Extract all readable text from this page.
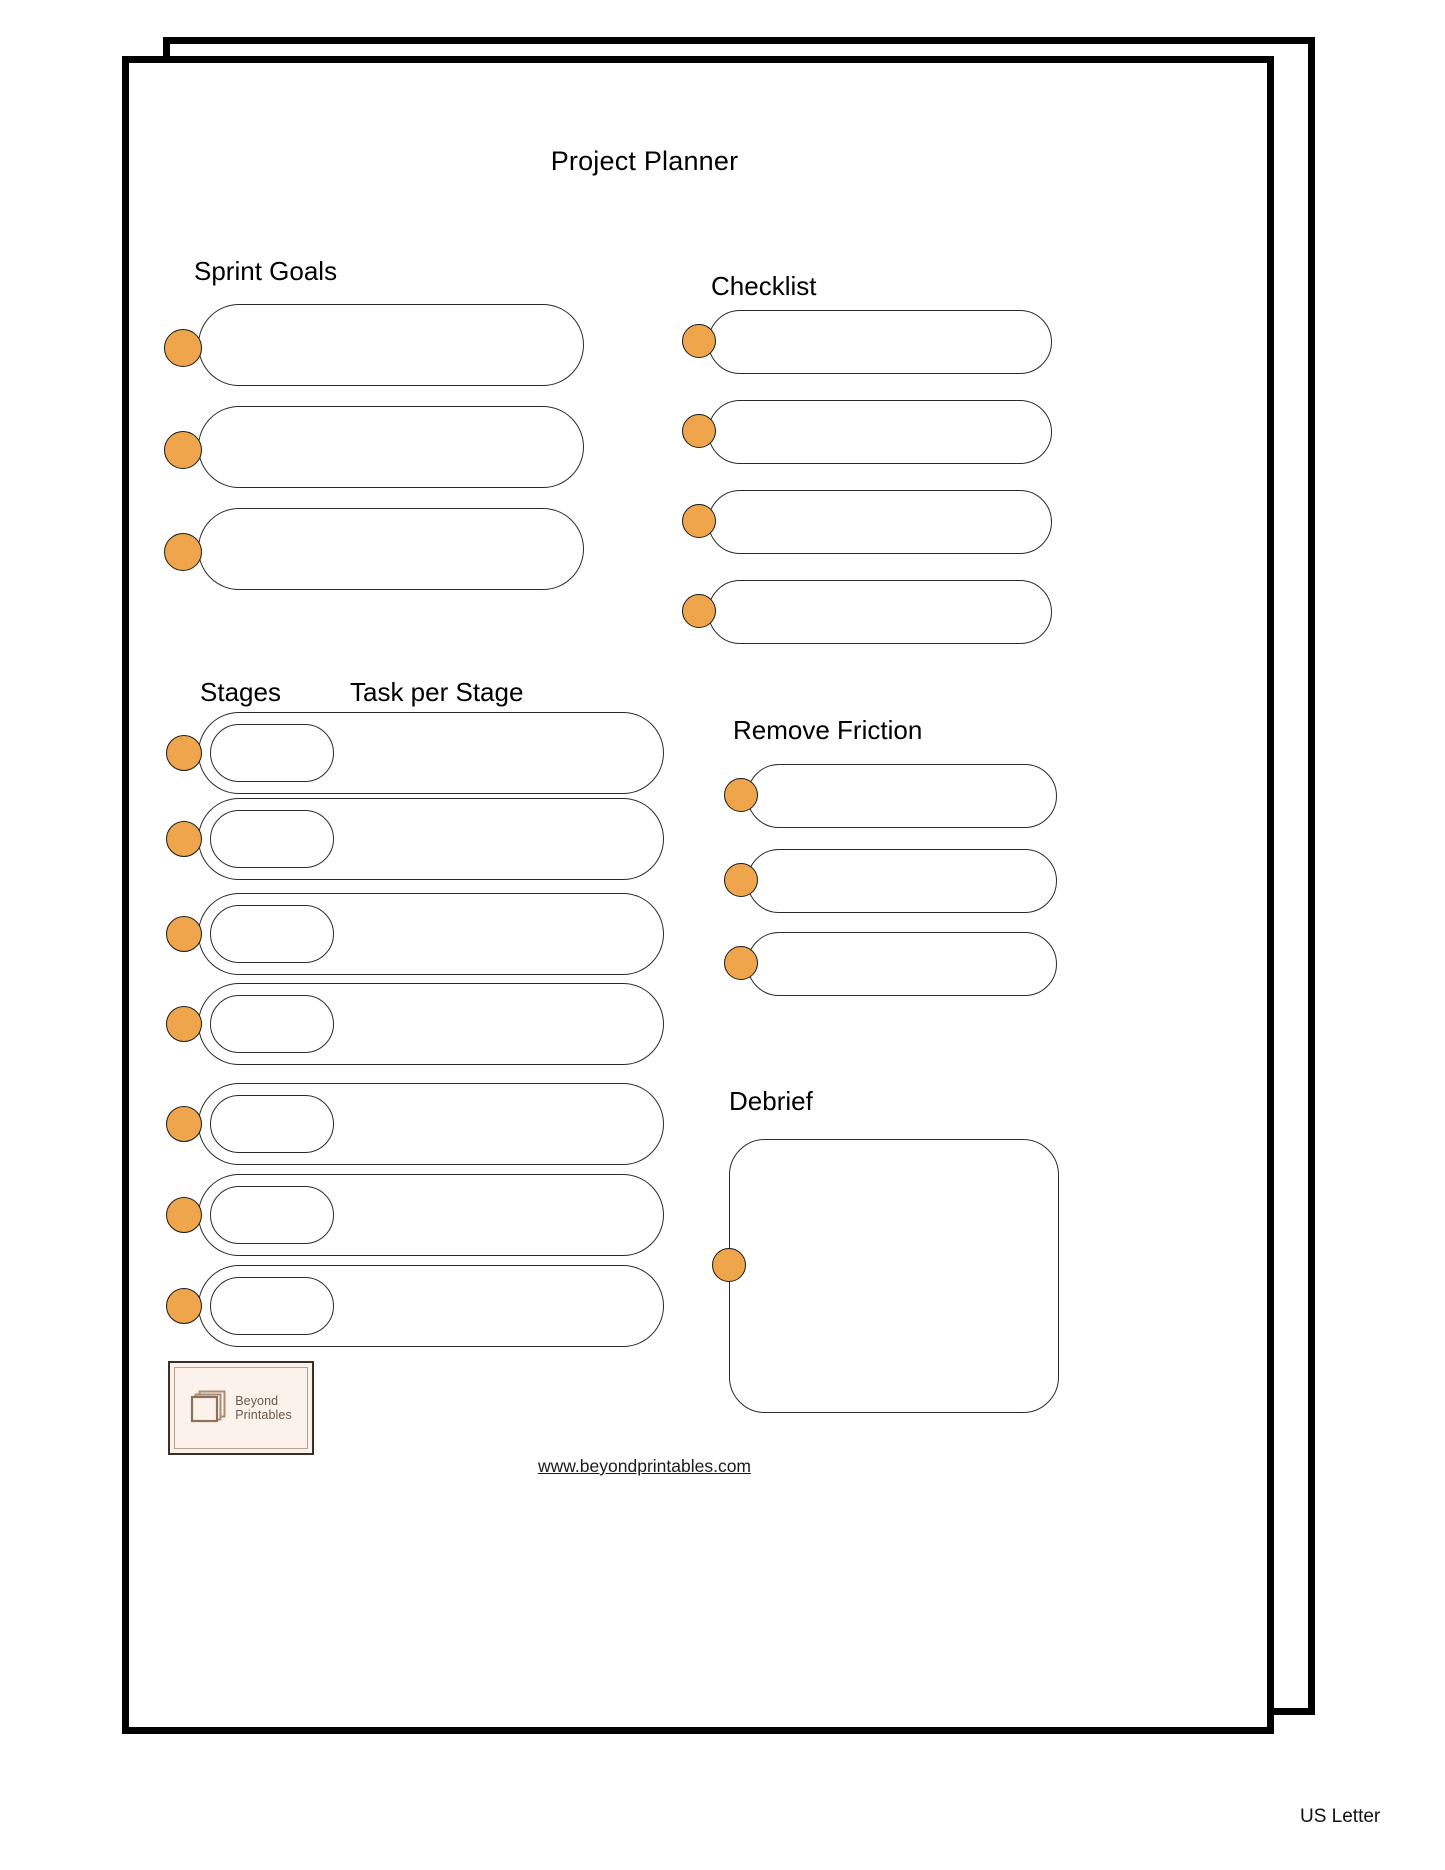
Project Planner
Sprint Goals	Checklist
Stages	Task per Stage
Remove Friction
Debrief
Beyond
Printables
www.beyondprintables.com
US Letter
